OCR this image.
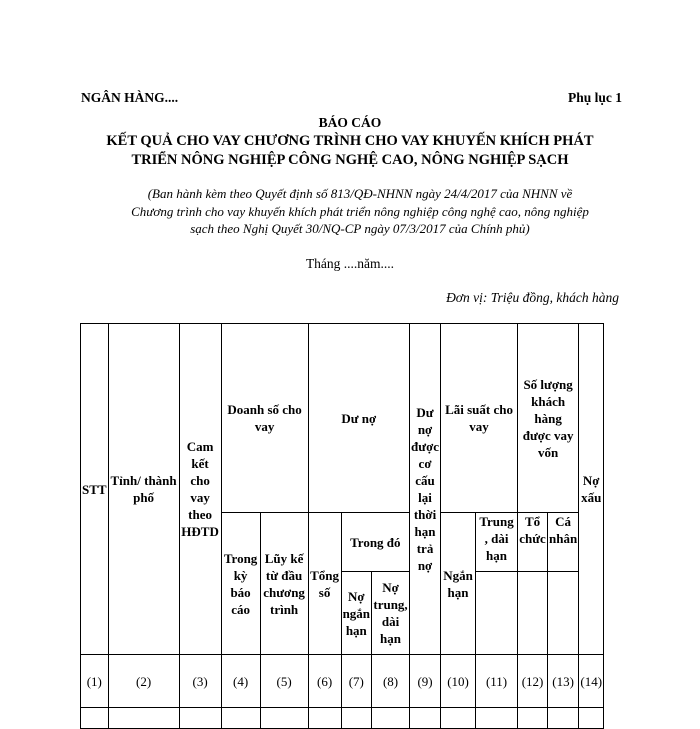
NGÂN HÀNG....	Phụ lục 1
BÁO CÁO
KẾT QUẢ CHO VAY CHƯƠNG TRÌNH CHO VAY KHUYẾN KHÍCH PHÁT
TRIỂN NÔNG NGHIỆP CÔNG NGHỆ CAO, NÔNG NGHIỆP SẠCH
(Ban hành kèm theo Quyết định số 813/QĐ-NHNN ngày 24/4/2017 của NHNN về
Chương trình cho vay khuyến khích phát triển nông nghiệp công nghệ cao, nông nghiệp
sạch theo Nghị Quyết 30/NQ-CP ngày 07/3/2017 của Chính phủ)
Tháng ....năm....
Đơn vị: Triệu đồng, khách hàng
STT	Tỉnh/ thành phố	Cam kết cho vay theo HĐTD	Doanh số cho vay		Dư nợ			Dư nợ được cơ cấu lại thời hạn trả nợ	Lãi suất cho vay		Số lượng khách hàng được vay vốn		Nợ xấu
			Trong kỳ báo cáo	Lũy kế từ đầu chương trình	Tổng số	Trong đó			Ngắn hạn	Trung , dài hạn	Tổ chức	Cá nhân	
						Nợ ngắn hạn	Nợ trung, dài hạn						
(1)	(2)	(3)	(4)	(5)	(6)	(7)	(8)	(9)	(10)	(11)	(12)	(13)	(14)
